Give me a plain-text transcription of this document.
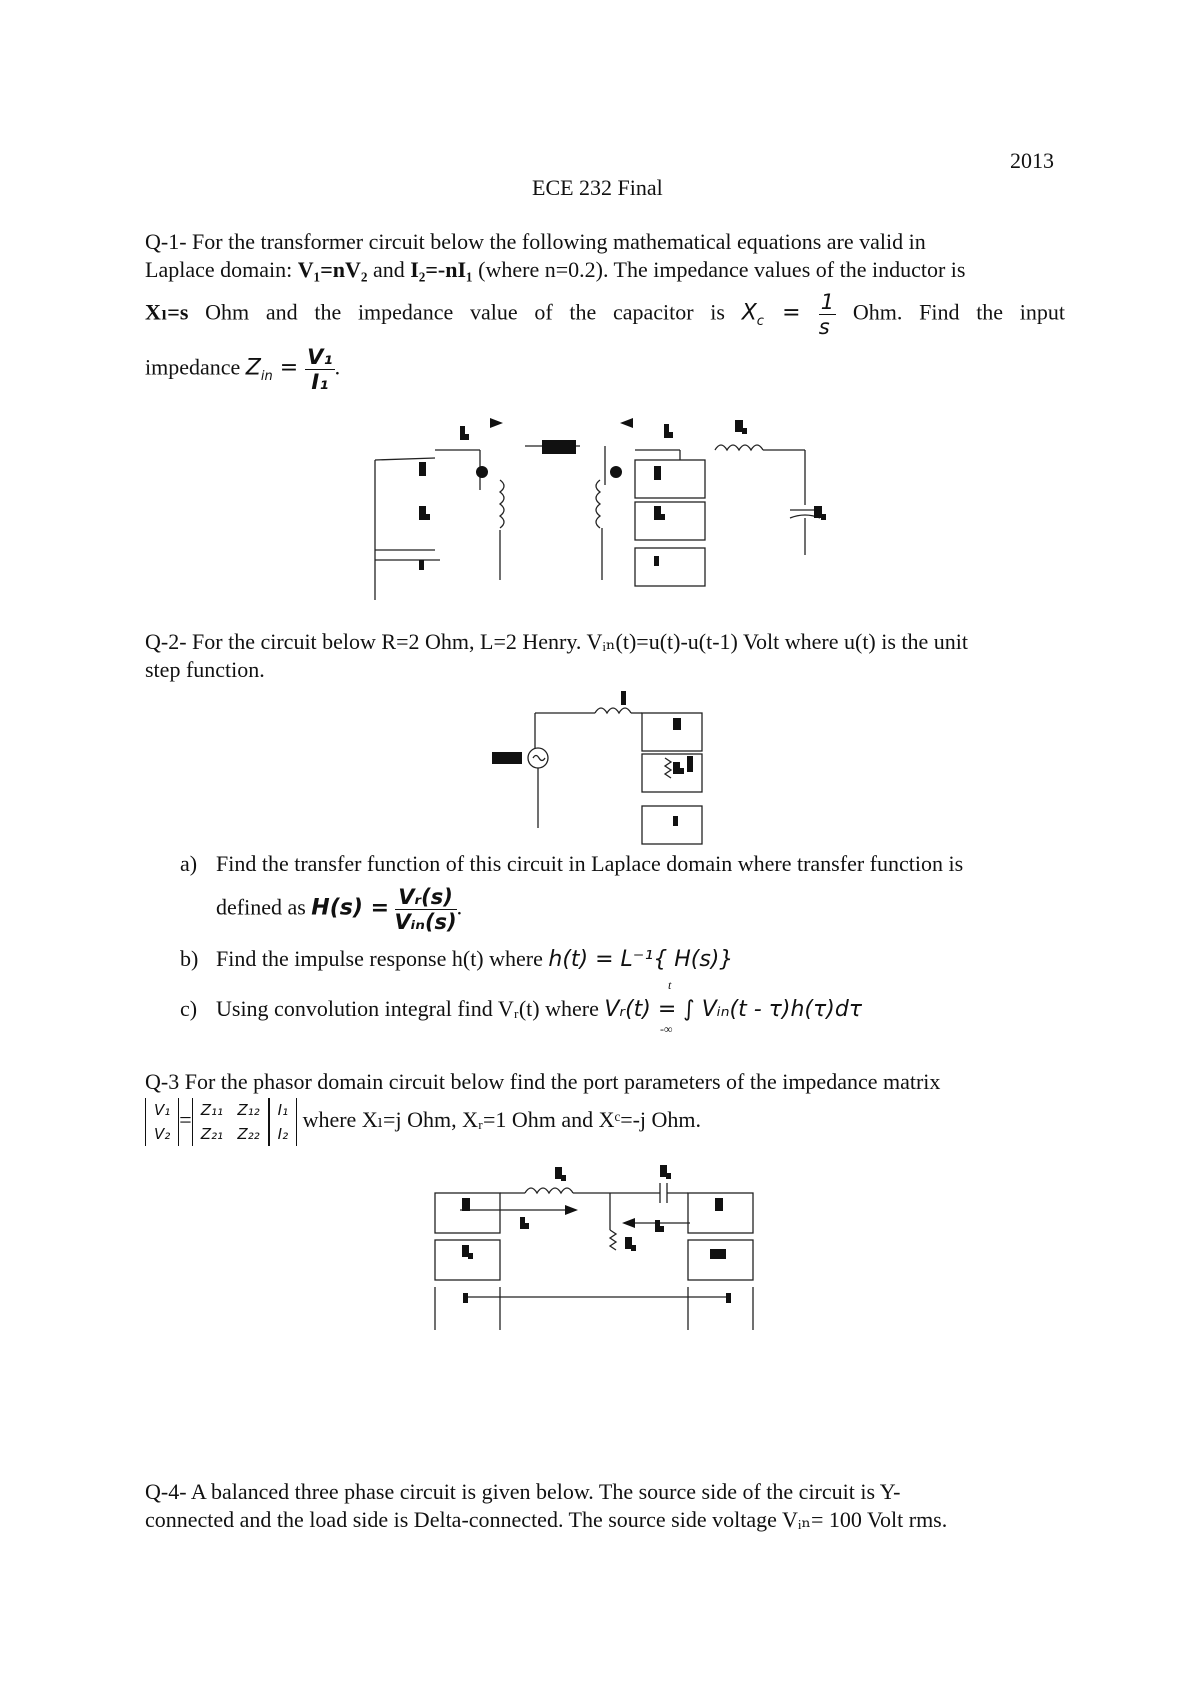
2013
ECE 232 Final
Q-1- For the transformer circuit below the following mathematical equations are valid in
Laplace domain: V₁=nV₂ and I₂=-nI₁ (where n=0.2). The impedance values of the inductor is
Xₗ=s Ohm and the impedance value of the capacitor is $X_c = \frac{1}{s}$ Ohm. Find the input
impedance $Z_{in} = \frac{\text{V₁}}{\text{I₁}}$ .
Q-2- For the circuit below R=2 Ohm, L=2 Henry. Vᵢₙ(t)=u(t)-u(t-1) Volt where u(t) is the unit
step function.
a) Find the transfer function of this circuit in Laplace domain where transfer function is
defined as $H(s) = \frac{\text{Vᵣ(s)}}{\text{Vᵢₙ(s)}}$ .
b) Find the impulse response h(t) where h(t) = L⁻¹{ H(s)}
c) Using convolution integral find Vᵣ(t) where Vᵣ(t) = ∫ Vᵢₙ(t - τ)h(τ)dτ
t
-∞
Q-3 For the phasor domain circuit below find the port parameters of the impedance matrix
V₁
V₂= Z₁₁ Z₁₂
Z₂₁ Z₂₂I₁
I₂ where Xₗ=j Ohm, Xᵣ=1 Ohm and Xᶜ=-j Ohm.
Q-4- A balanced three phase circuit is given below. The source side of the circuit is Y-
connected and the load side is Delta-connected. The source side voltage Vᵢₙ= 100 Volt rms.
